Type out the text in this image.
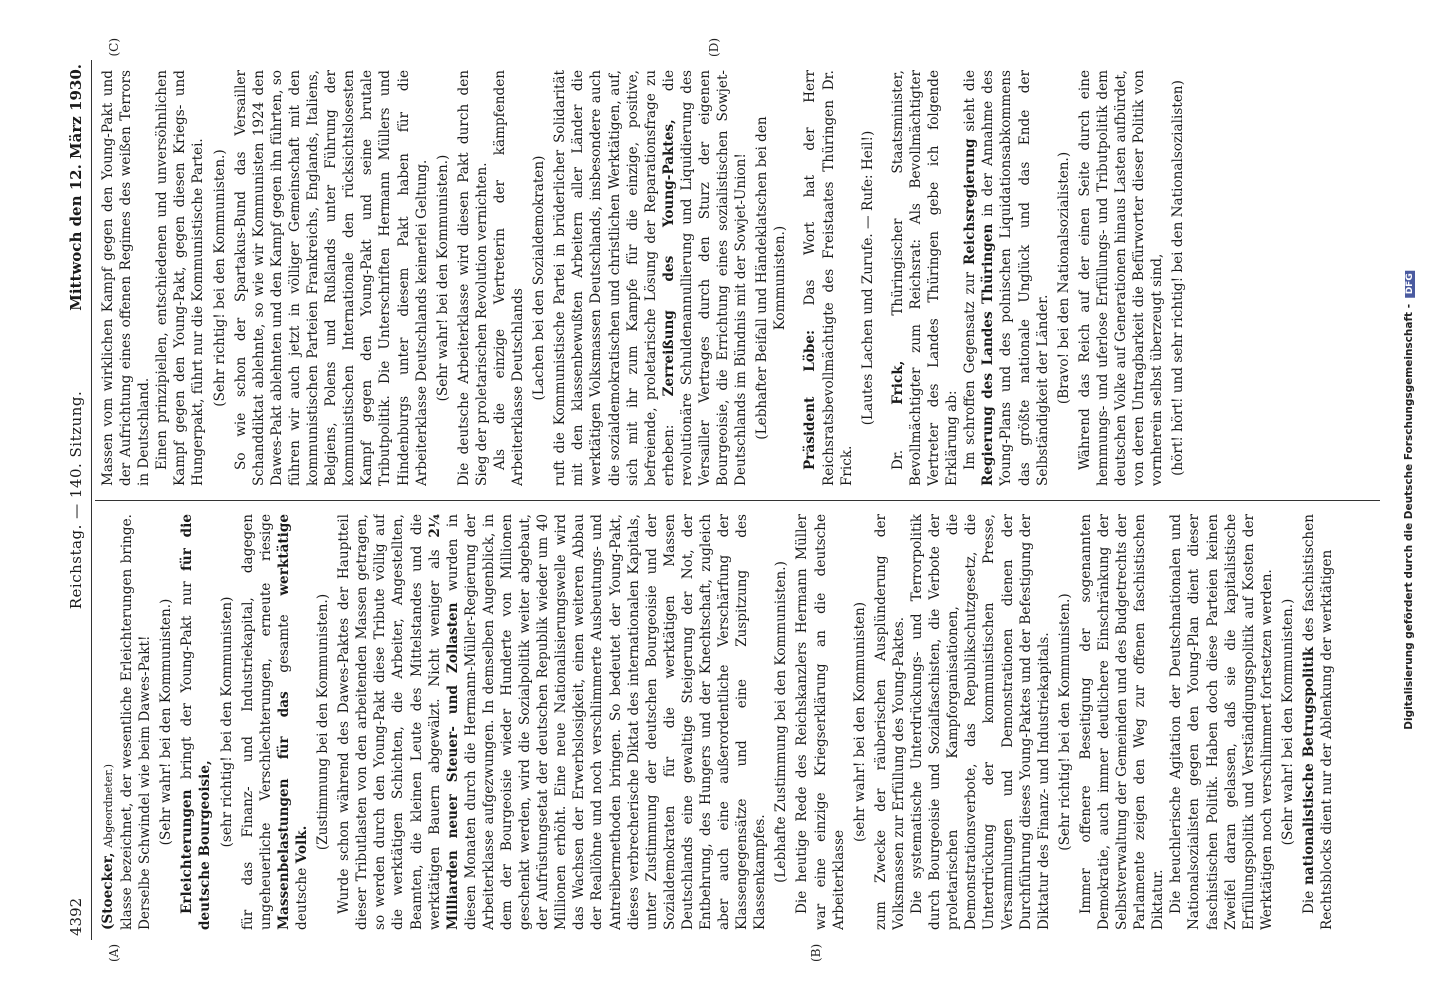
4392
Reichstag. — 140. Sitzung.
Mittwoch den 12. März 1930.
(A)	(B)
(C)	(D)

(Stoecker, Abgeordneter.) klasse bezeichnet, der wesentliche Erleichterungen bringe. Derselbe Schwindel wie beim Dawes-Pakt! (Sehr wahr! bei den Kommunisten.)

Erleichterungen bringt der Young-Pakt nur für die deutsche Bourgeoisie, (sehr richtig! bei den Kommunisten) für das Finanz- und Industriekapital, dagegen ungeheuerliche Verschlechterungen, erneute riesige Massenbelastungen für das gesamte werktätige deutsche Volk. (Zustimmung bei den Kommunisten.) Wurde schon während des Dawes-Paktes der Hauptteil dieser Tributlasten von den arbeitenden Massen getragen, so werden durch den Young-Pakt diese Tribute völlig auf die werktätigen Schichten, die Arbeiter, Angestellten, Beamten, die kleinen Leute des Mittelstandes und die werktätigen Bauern abgewälzt. Nicht weniger als 2¼ Milliarden neuer Steuer- und Zollasten wurden in diesen Monaten durch die Hermann-Müller-Regierung der Arbeiterklasse aufgezwungen. In demselben Augenblick, in dem der Bourgeoisie wieder Hunderte von Millionen geschenkt werden, wird die Sozialpolitik weiter abgebaut, der Aufrüstungsetat der deutschen Republik wieder um 40 Millionen erhöht. Eine neue Nationalisierungswelle wird das Wachsen der Erwerbslosigkeit, einen weiteren Abbau der Reallöhne und noch verschlimmerte Ausbeutungs- und Antreibermethoden bringen. So bedeutet der Young-Pakt, dieses verbrecherische Diktat des internationalen Kapitals, unter Zustimmung der deutschen Bourgeoisie und der Sozialdemokraten für die werktätigen Massen Deutschlands eine gewaltige Steigerung der Not, der Entbehrung, des Hungers und der Knechtschaft, zugleich aber auch eine außerordentliche Verschärfung der Klassengegensätze und eine Zuspitzung des Klassenkampfes. (Lebhafte Zustimmung bei den Kommunisten.) Die heutige Rede des Reichskanzlers Hermann Müller war eine einzige Kriegserklärung an die deutsche Arbeiterklasse

(sehr wahr! bei den Kommunisten) zum Zwecke der räuberischen Ausplünderung der Volksmassen zur Erfüllung des Young-Paktes. Die systematische Unterdrückungs- und Terrorpolitik durch Bourgeoisie und Sozialfaschisten, die Verbote der proletarischen Kampforganisationen, die Demonstrationsverbote, das Republikschutzgesetz, die Unterdrückung der kommunistischen Presse, Versammlungen und Demonstrationen dienen der Durchführung dieses Young-Paktes und der Befestigung der Diktatur des Finanz- und Industriekapitals. (Sehr richtig! bei den Kommunisten.) Immer offenere Beseitigung der sogenannten Demokratie, auch immer deutlichere Einschränkung der Selbstverwaltung der Gemeinden und des Budgetrechts der Parlamente zeigen den Weg zur offenen faschistischen Diktatur. Die heuchlerische Agitation der Deutschnationalen und Nationalsozialisten gegen den Young-Plan dient dieser faschistischen Politik. Haben doch diese Parteien keinen Zweifel daran gelassen, daß sie die kapitalistische Erfüllungspolitik und Verständigungspolitik auf Kosten der Werktätigen noch verschlimmert fortsetzen werden. (Sehr wahr! bei den Kommunisten.)

Die nationalistische Betrugspolitik des faschistischen Rechtsblocks dient nur der Ablenkung der werktätigen

Massen vom wirklichen Kampf gegen den Young-Pakt und der Aufrichtung eines offenen Regimes des weißen Terrors in Deutschland. Einen prinzipiellen, entschiedenen und unversöhnlichen Kampf gegen den Young-Pakt, gegen diesen Kriegs- und Hungerpakt, führt nur die Kommunistische Partei. (Sehr richtig! bei den Kommunisten.) So wie schon der Spartakus-Bund das Versailler Schanddiktat ablehnte, so wie wir Kommunisten 1924 den Dawes-Pakt ablehnten und den Kampf gegen ihn führten, so führen wir auch jetzt in völliger Gemeinschaft mit den kommunistischen Parteien Frankreichs, Englands, Italiens, Belgiens, Polens und Rußlands unter Führung der kommunistischen Internationale den rücksichtslosesten Kampf gegen den Young-Pakt und seine brutale Tributpolitik. Die Unterschriften Hermann Müllers und Hindenburgs unter diesem Pakt haben für die Arbeiterklasse Deutschlands keinerlei Geltung. (Sehr wahr! bei den Kommunisten.) Die deutsche Arbeiterklasse wird diesen Pakt durch den Sieg der proletarischen Revolution vernichten. Als die einzige Vertreterin der kämpfenden Arbeiterklasse Deutschlands (Lachen bei den Sozialdemokraten) ruft die Kommunistische Partei in brüderlicher Solidarität mit den klassenbewußten Arbeitern aller Länder die werktätigen Volksmassen Deutschlands, insbesondere auch die sozialdemokratischen und christlichen Werktätigen, auf, sich mit ihr zum Kampfe für die einzige, positive, befreiende, proletarische Lösung der Reparationsfrage zu erheben: Zerreißung des Young-Paktes, die revolutionäre Schuldenannullierung und Liquidierung des Versailler Vertrages durch den Sturz der eigenen Bourgeoisie, die Errichtung eines sozialistischen Sowjet-Deutschlands im Bündnis mit der Sowjet-Union! (Lebhafter Beifall und Händeklatschen bei den Kommunisten.)

Präsident Löbe: Das Wort hat der Herr Reichsratsbevollmächtigte des Freistaates Thüringen Dr. Frick.

(Lautes Lachen und Zurufe. — Rufe: Heil!)

Dr. Frick, Thüringischer Staatsminister, Bevollmächtigter zum Reichsrat: Als Bevollmächtigter Vertreter des Landes Thüringen gebe ich folgende Erklärung ab: Im schroffen Gegensatz zur Reichsregierung sieht die Regierung des Landes Thüringen in der Annahme des Young-Plans und des polnischen Liquidationsabkommens das größte nationale Unglück und das Ende der Selbständigkeit der Länder. (Bravo! bei den Nationalsozialisten.) Während das Reich auf der einen Seite durch eine hemmungs- und uferlose Erfüllungs- und Tributpolitik dem deutschen Volke auf Generationen hinaus Lasten aufbürdet, von deren Untragbarkeit die Befürworter dieser Politik von vornherein selbst überzeugt sind, (hört! hört! und sehr richtig! bei den Nationalsozialisten)

Digitalisierung gefördert durch die Deutsche Forschungsgemeinschaft - DFG
